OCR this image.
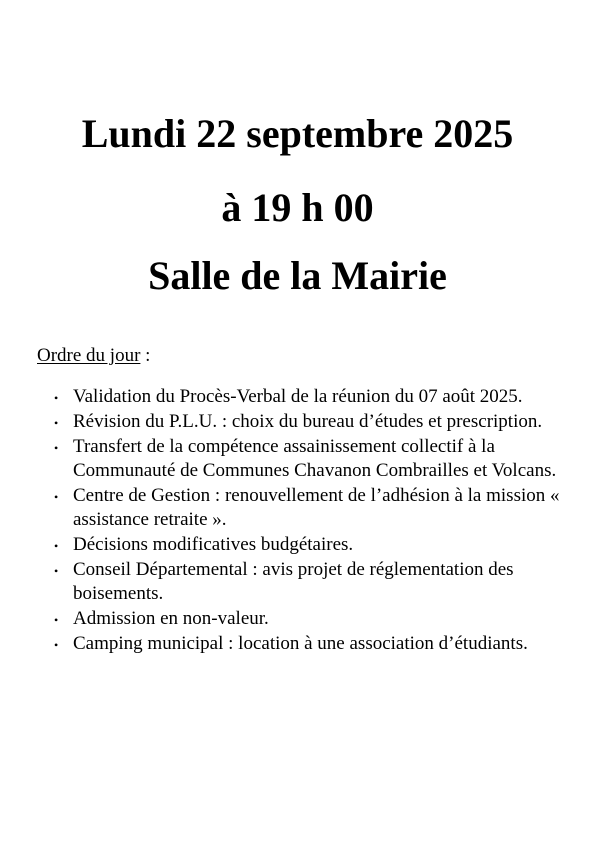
Lundi 22 septembre 2025
à 19 h 00
Salle de la Mairie

Ordre du jour :

• Validation du Procès-Verbal de la réunion du 07 août 2025.
• Révision du P.L.U. : choix du bureau d’études et prescription.
• Transfert de la compétence assainissement collectif à la Communauté de Communes Chavanon Combrailles et Volcans.
• Centre de Gestion : renouvellement de l’adhésion à la mission « assistance retraite ».
• Décisions modificatives budgétaires.
• Conseil Départemental : avis projet de réglementation des boisements.
• Admission en non-valeur.
• Camping municipal : location à une association d’étudiants.
